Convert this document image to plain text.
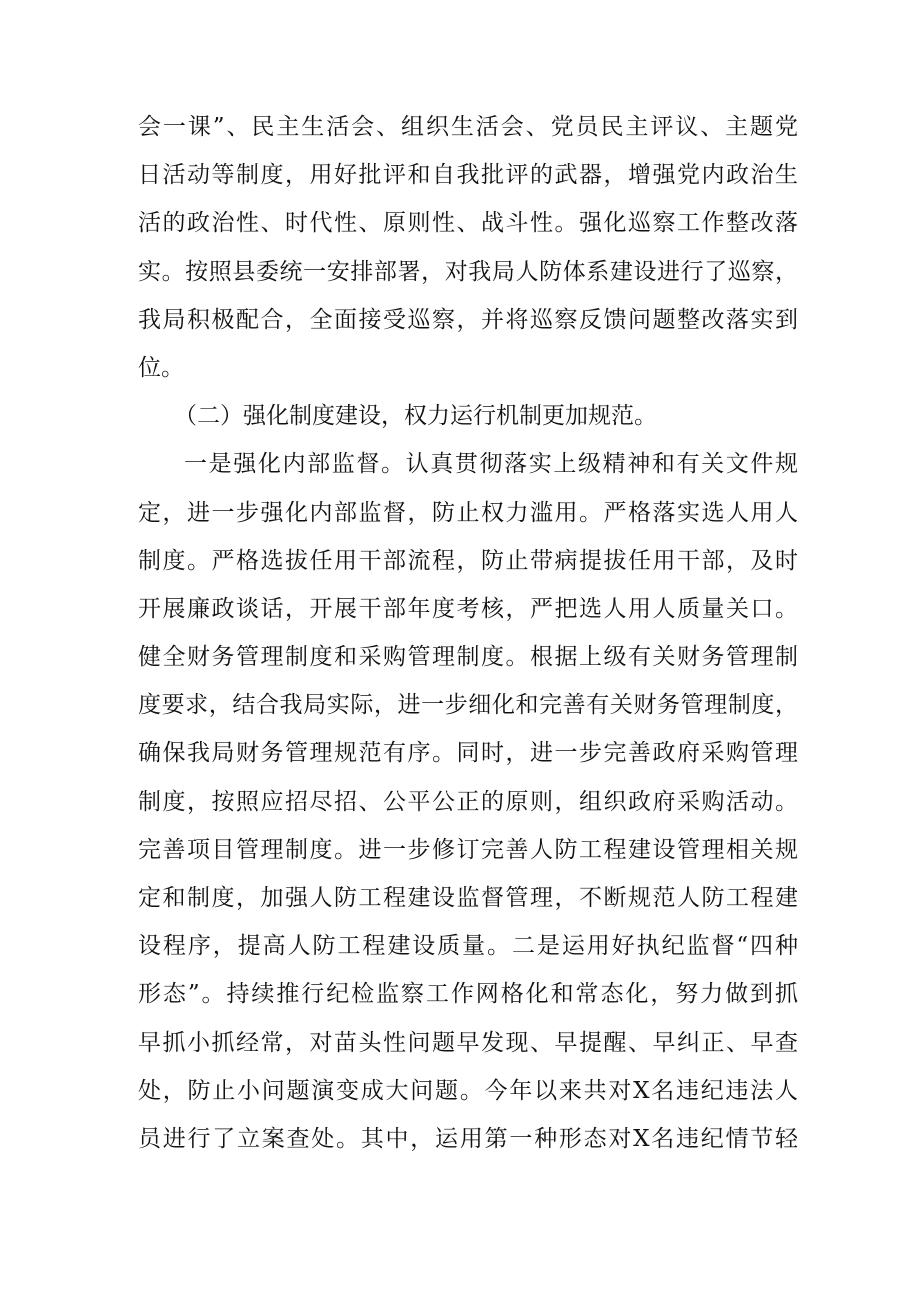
会一课”、民主生活会、组织生活会、党员民主评议、主题党
日活动等制度，用好批评和自我批评的武器，增强党内政治生
活的政治性、时代性、原则性、战斗性。强化巡察工作整改落
实。按照县委统一安排部署，对我局人防体系建设进行了巡察，
我局积极配合，全面接受巡察，并将巡察反馈问题整改落实到
位。
（二）强化制度建设，权力运行机制更加规范。
一是强化内部监督。认真贯彻落实上级精神和有关文件规
定，进一步强化内部监督，防止权力滥用。严格落实选人用人
制度。严格选拔任用干部流程，防止带病提拔任用干部，及时
开展廉政谈话，开展干部年度考核，严把选人用人质量关口。
健全财务管理制度和采购管理制度。根据上级有关财务管理制
度要求，结合我局实际，进一步细化和完善有关财务管理制度，
确保我局财务管理规范有序。同时，进一步完善政府采购管理
制度，按照应招尽招、公平公正的原则，组织政府采购活动。
完善项目管理制度。进一步修订完善人防工程建设管理相关规
定和制度，加强人防工程建设监督管理，不断规范人防工程建
设程序，提高人防工程建设质量。二是运用好执纪监督“四种
形态”。持续推行纪检监察工作网格化和常态化，努力做到抓
早抓小抓经常，对苗头性问题早发现、早提醒、早纠正、早查
处，防止小问题演变成大问题。今年以来共对X名违纪违法人
员进行了立案查处。其中，运用第一种形态对X名违纪情节轻
